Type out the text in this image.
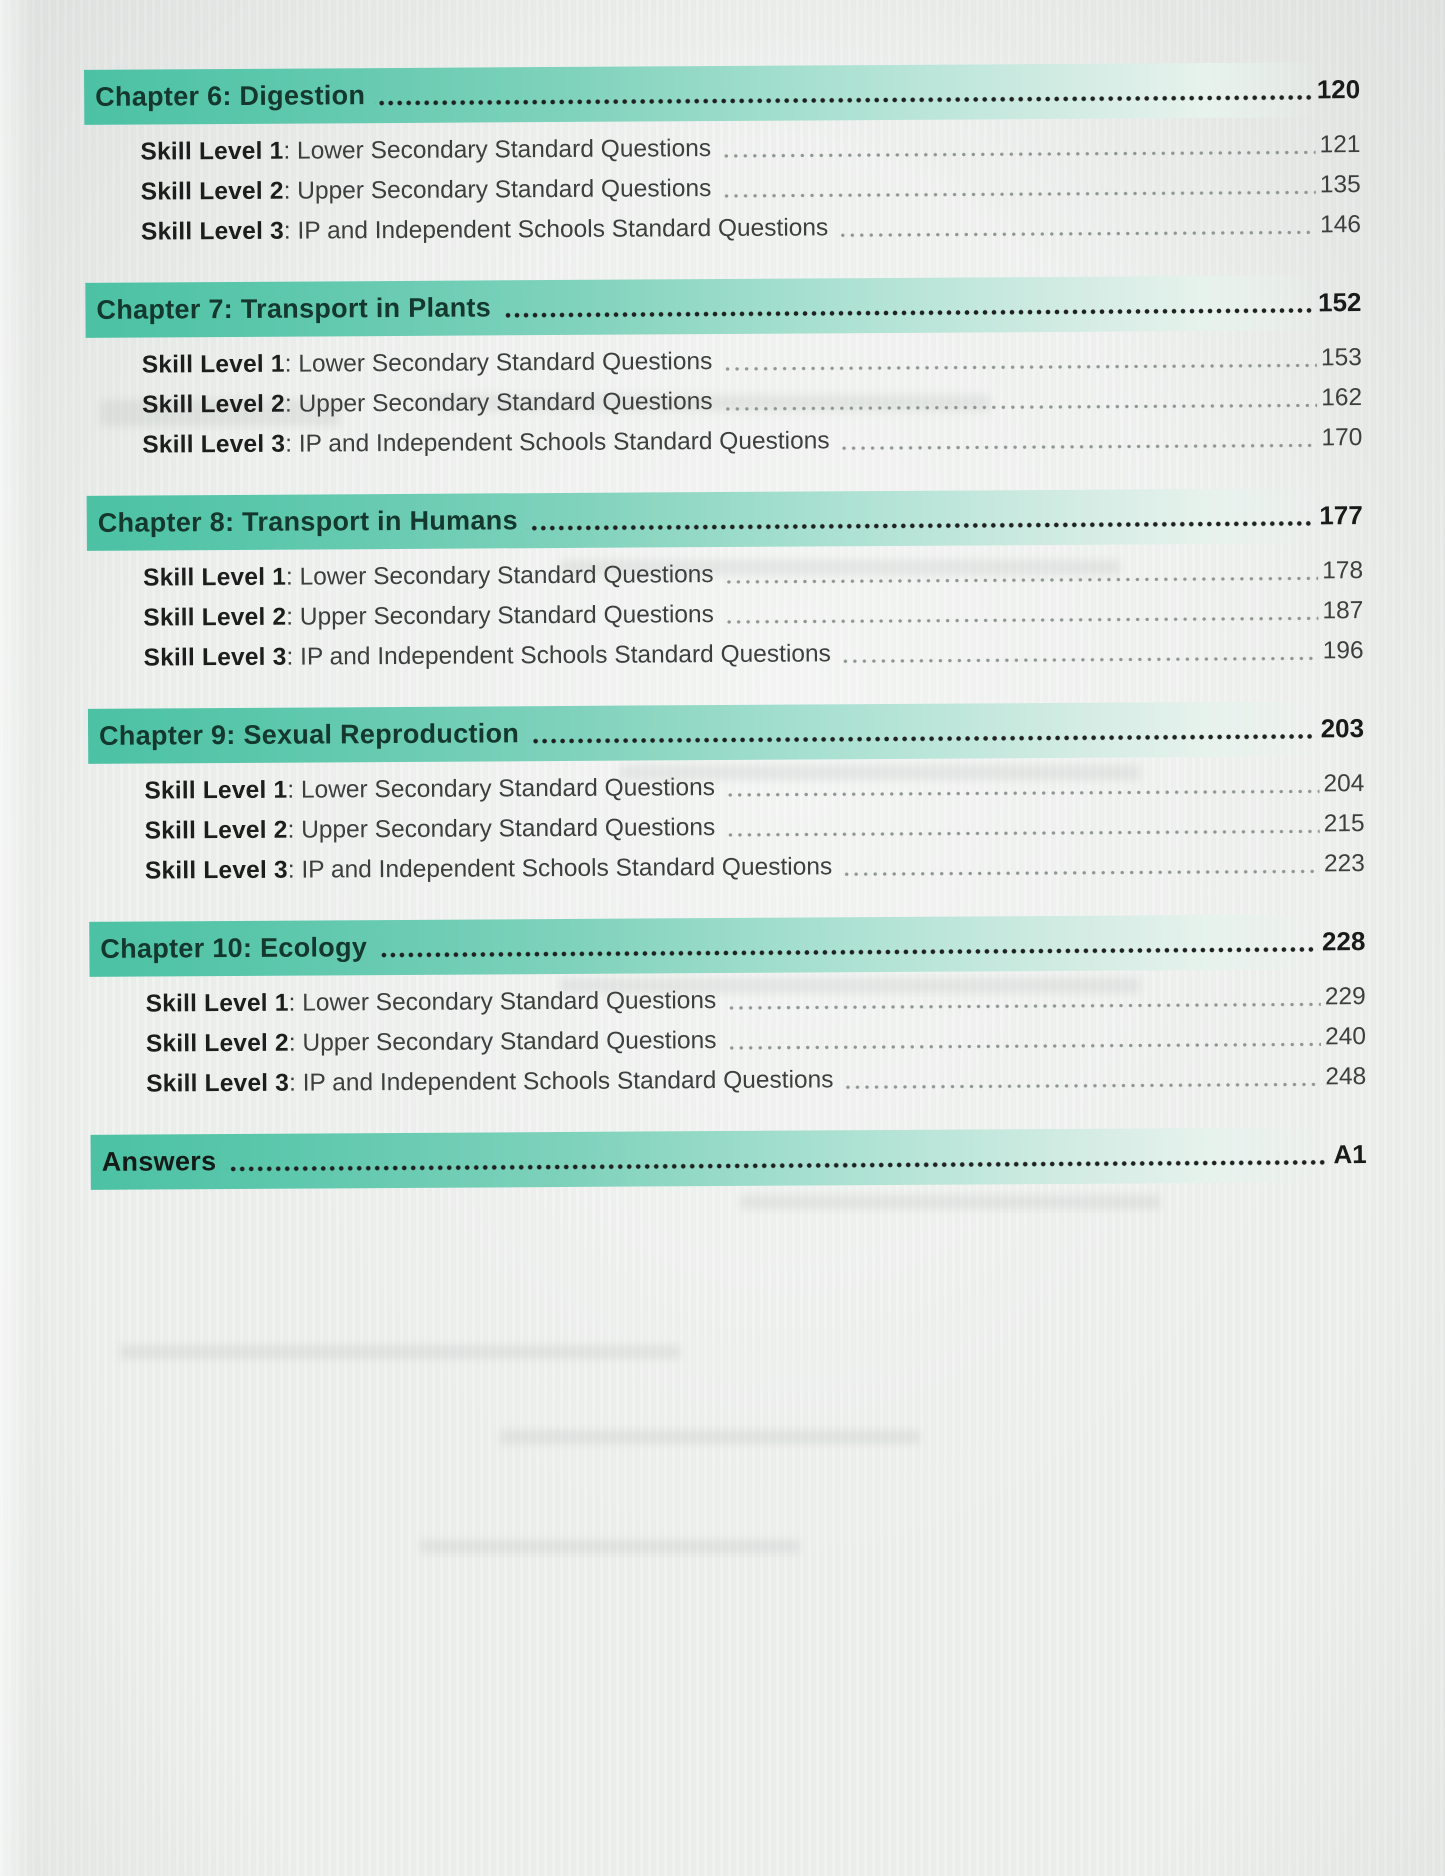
Chapter 6: Digestion	120
Skill Level 1: Lower Secondary Standard Questions	121
Skill Level 2: Upper Secondary Standard Questions	135
Skill Level 3: IP and Independent Schools Standard Questions	146
Chapter 7: Transport in Plants	152
Skill Level 1: Lower Secondary Standard Questions	153
Skill Level 2: Upper Secondary Standard Questions	162
Skill Level 3: IP and Independent Schools Standard Questions	170
Chapter 8: Transport in Humans	177
Skill Level 1: Lower Secondary Standard Questions	178
Skill Level 2: Upper Secondary Standard Questions	187
Skill Level 3: IP and Independent Schools Standard Questions	196
Chapter 9: Sexual Reproduction	203
Skill Level 1: Lower Secondary Standard Questions	204
Skill Level 2: Upper Secondary Standard Questions	215
Skill Level 3: IP and Independent Schools Standard Questions	223
Chapter 10: Ecology	228
Skill Level 1: Lower Secondary Standard Questions	229
Skill Level 2: Upper Secondary Standard Questions	240
Skill Level 3: IP and Independent Schools Standard Questions	248
Answers	A1
